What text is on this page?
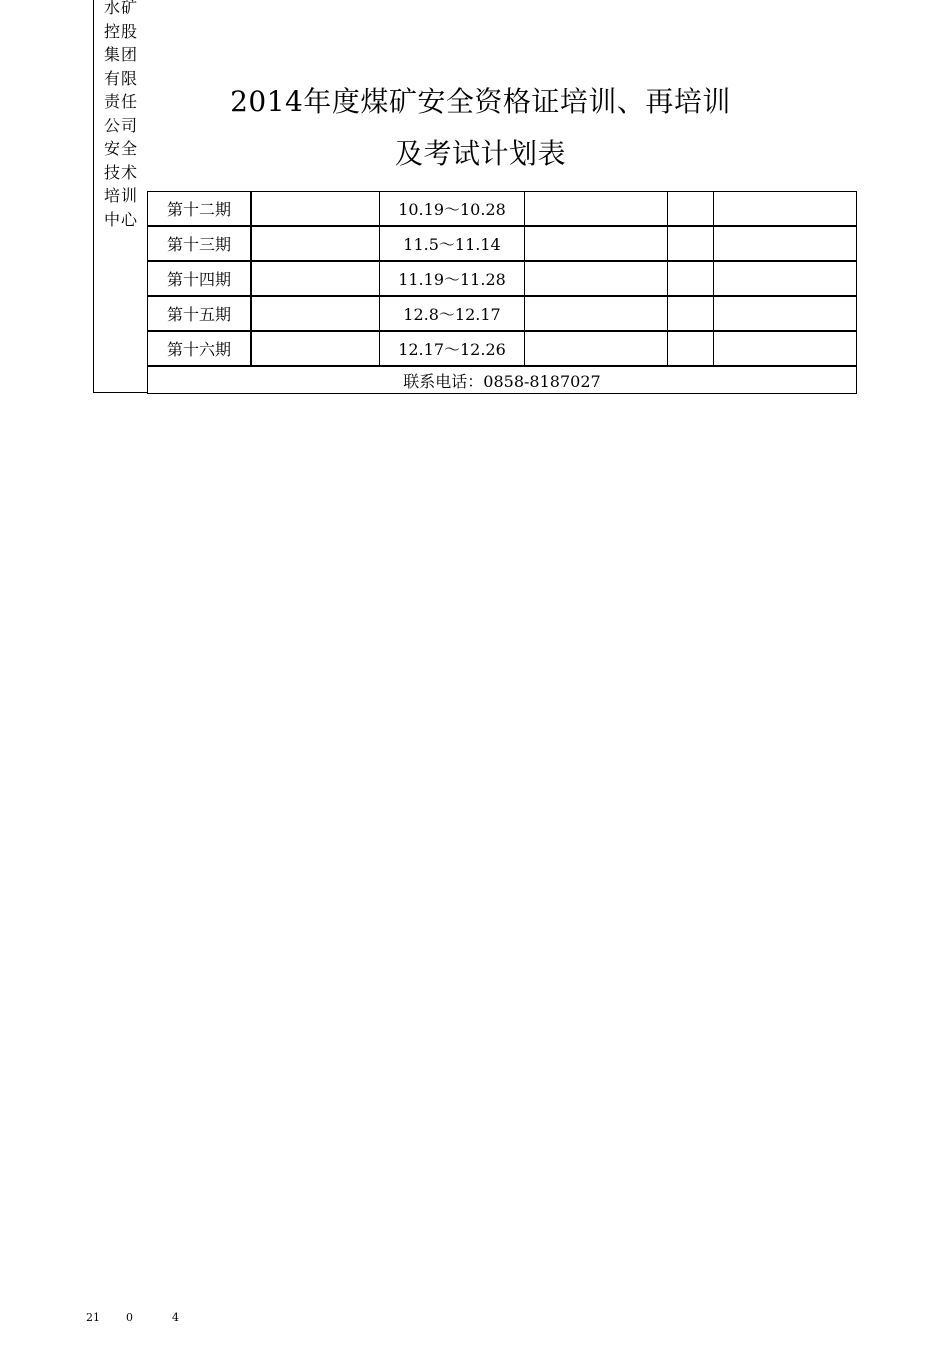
水矿
控股
集团
有限
责任
公司
安全
技术
培训
中心
2014年度煤矿安全资格证培训、再培训
及考试计划表
第十二期		10.19～10.28			
第十三期		11.5～11.14			
第十四期		11.19～11.28			
第十五期		12.8～12.17			
第十六期		12.17～12.26			
联系电话：0858-8187027					
21 0	4
